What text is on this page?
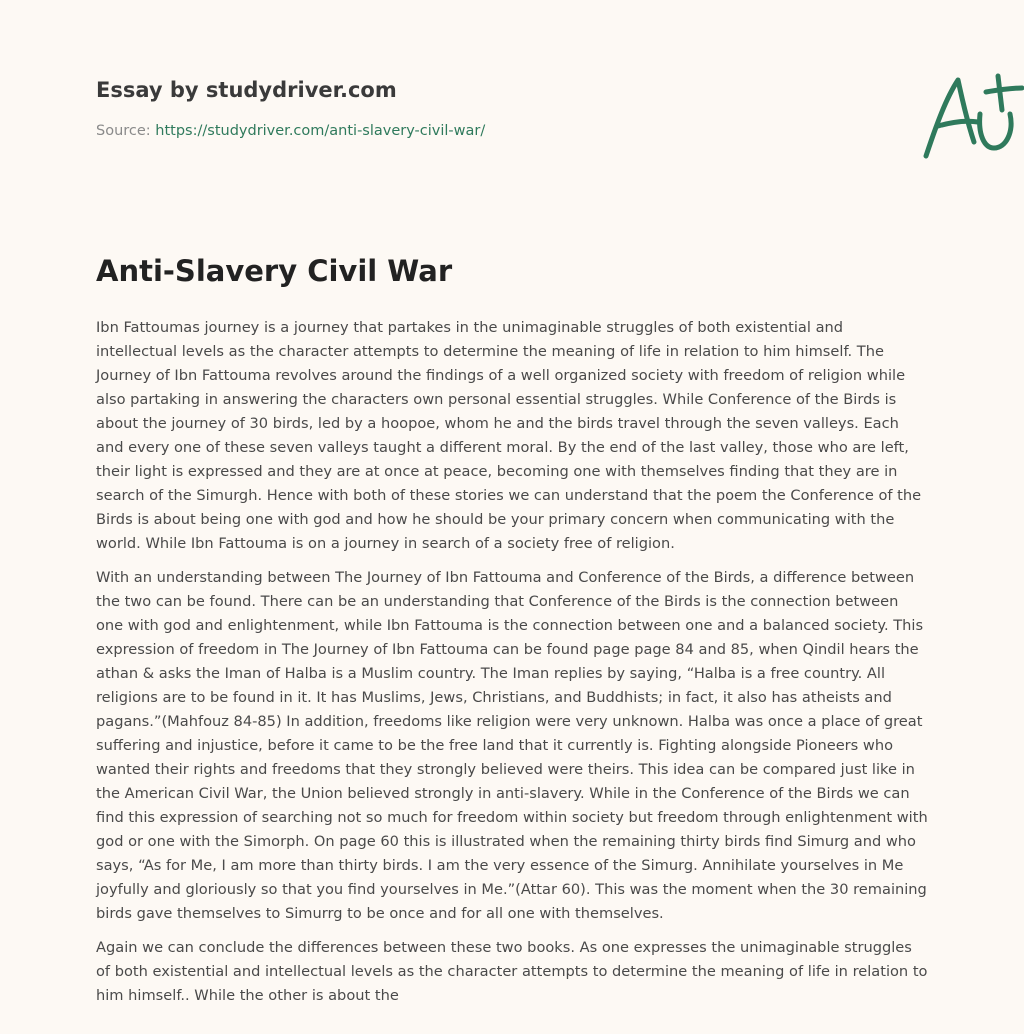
Essay by studydriver.com
Source: https://studydriver.com/anti-slavery-civil-war/
Anti-Slavery Civil War

Ibn Fattoumas journey is a journey that partakes in the unimaginable struggles of both existential and intellectual levels as the character attempts to determine the meaning of life in relation to him himself. The Journey of Ibn Fattouma revolves around the findings of a well organized society with freedom of religion while also partaking in answering the characters own personal essential struggles. While Conference of the Birds is about the journey of 30 birds, led by a hoopoe, whom he and the birds travel through the seven valleys. Each and every one of these seven valleys taught a different moral. By the end of the last valley, those who are left, their light is expressed and they are at once at peace, becoming one with themselves finding that they are in search of the Simurgh. Hence with both of these stories we can understand that the poem the Conference of the Birds is about being one with god and how he should be your primary concern when communicating with the world. While Ibn Fattouma is on a journey in search of a society free of religion.

With an understanding between The Journey of Ibn Fattouma and Conference of the Birds, a difference between the two can be found. There can be an understanding that Conference of the Birds is the connection between one with god and enlightenment, while Ibn Fattouma is the connection between one and a balanced society. This expression of freedom in The Journey of Ibn Fattouma can be found page page 84 and 85, when Qindil hears the athan & asks the Iman of Halba is a Muslim country. The Iman replies by saying, “Halba is a free country. All religions are to be found in it. It has Muslims, Jews, Christians, and Buddhists; in fact, it also has atheists and pagans.”(Mahfouz 84-85) In addition, freedoms like religion were very unknown. Halba was once a place of great suffering and injustice, before it came to be the free land that it currently is. Fighting alongside Pioneers who wanted their rights and freedoms that they strongly believed were theirs. This idea can be compared just like in the American Civil War, the Union believed strongly in anti-slavery. While in the Conference of the Birds we can find this expression of searching not so much for freedom within society but freedom through enlightenment with god or one with the Simorph. On page 60 this is illustrated when the remaining thirty birds find Simurg and who says, “As for Me, I am more than thirty birds. I am the very essence of the Simurg. Annihilate yourselves in Me joyfully and gloriously so that you find yourselves in Me.”(Attar 60). This was the moment when the 30 remaining birds gave themselves to Simurrg to be once and for all one with themselves.

Again we can conclude the differences between these two books. As one expresses the unimaginable struggles of both existential and intellectual levels as the character attempts to determine the meaning of life in relation to him himself.. While the other is about the
